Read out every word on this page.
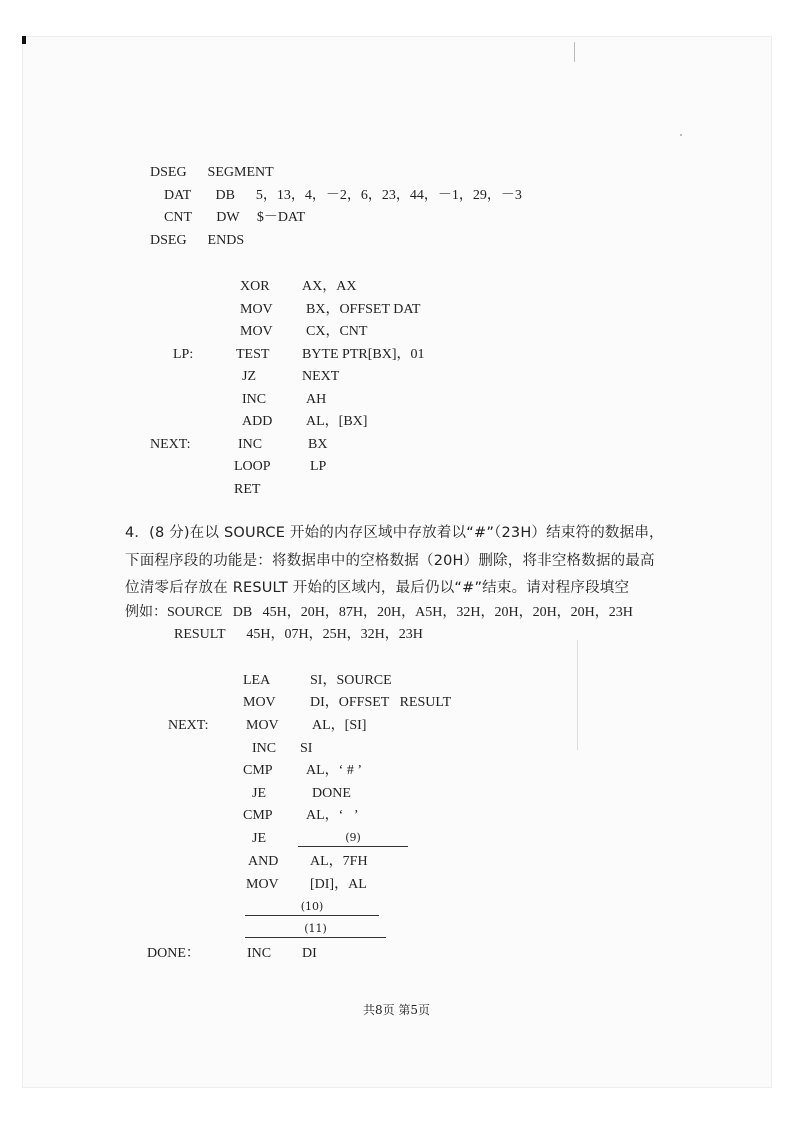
DSEG      SEGMENT
DAT       DB      5，13，4，－2，6，23，44，－1，29，－3
CNT       DW     $－DAT
DSEG      ENDS
XOR AX，AX
MOV BX，OFFSET DAT
MOV CX，CNT
LP:	TEST BYTE PTR[BX]，01
JZ	NEXT
INC	AH
ADD AL，[BX]
NEXT:	INC	BX
LOOP	LP
RET
4．(8 分)在以 SOURCE 开始的内存区域中存放着以“#”（23H）结束符的数据串，
下面程序段的功能是：将数据串中的空格数据（20H）删除，将非空格数据的最高
位清零后存放在 RESULT 开始的区域内，最后仍以“#”结束。请对程序段填空
例如：SOURCE   DB   45H，20H，87H，20H，A5H，32H，20H，20H，20H，23H
RESULT      45H，07H，25H，32H，23H
LEA	SI，SOURCE
MOV DI，OFFSET   RESULT
NEXT:	MOV AL，[SI]
INC SI
CMP AL，‘ # ’
JE	DONE
CMP AL，‘   ’
JE	(9)
AND AL，7FH
MOV [DI]，AL
(10)
(11)
DONE：	INC DI
共8页 第5页
